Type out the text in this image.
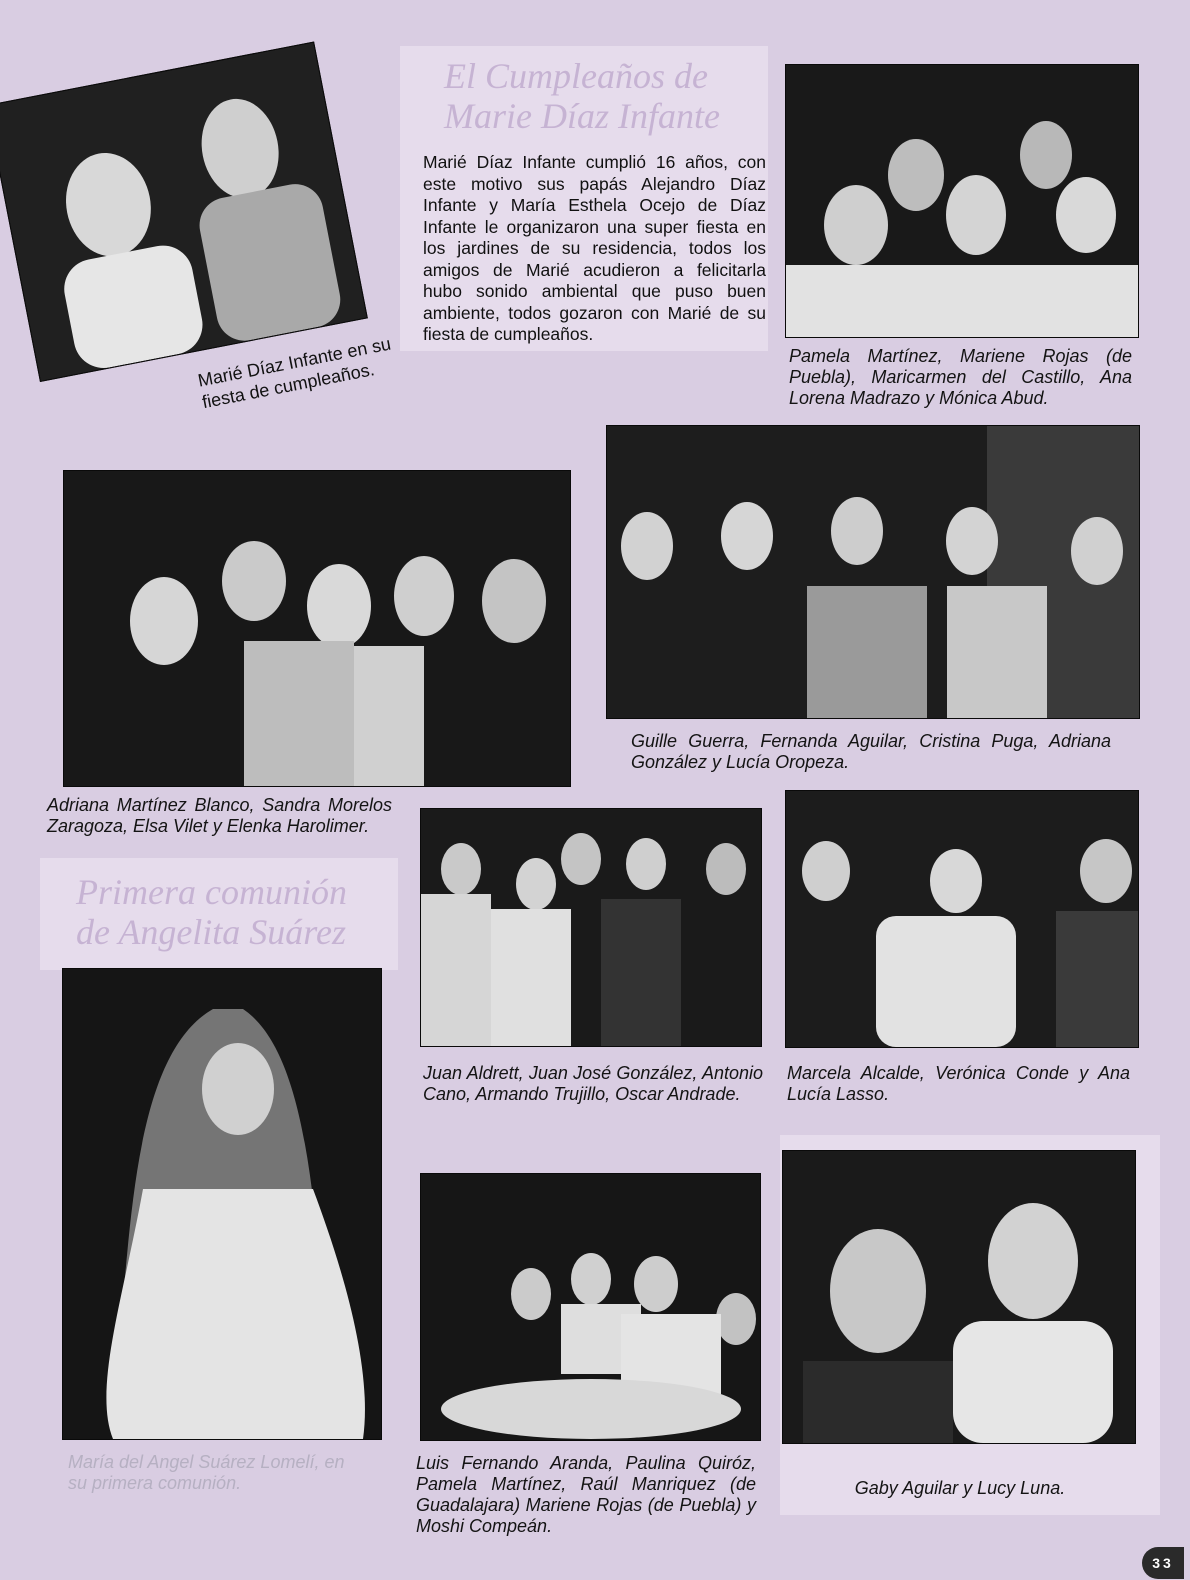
El Cumpleaños de
Marie Díaz Infante

Marié Díaz Infante cumplió 16 años, con este motivo sus papás Alejandro Díaz Infante y María Esthela Ocejo de Díaz Infante le organizaron una super fiesta en los jardines de su residencia, todos los amigos de Marié acudieron a felicitarla hubo sonido ambiental que puso buen ambiente, todos gozaron con Marié de su fiesta de cumpleaños.

Marié Díaz Infante en su fiesta de cumpleaños.

Pamela Martínez, Mariene Rojas (de Puebla), Maricarmen del Castillo, Ana Lorena Madrazo y Mónica Abud.

Guille Guerra, Fernanda Aguilar, Cristina Puga, Adriana González y Lucía Oropeza.

Adriana Martínez Blanco, Sandra Morelos Zaragoza, Elsa Vilet y Elenka Harolimer.

Primera comunión
de Angelita Suárez

María del Angel Suárez Lomelí, en su primera comunión.

Juan Aldrett, Juan José González, Antonio Cano, Armando Trujillo, Oscar Andrade.

Marcela Alcalde, Verónica Conde y Ana Lucía Lasso.

Luis Fernando Aranda, Paulina Quiróz, Pamela Martínez, Raúl Manriquez (de Guadalajara) Mariene Rojas (de Puebla) y Moshi Compeán.

Gaby Aguilar y Lucy Luna.

33
